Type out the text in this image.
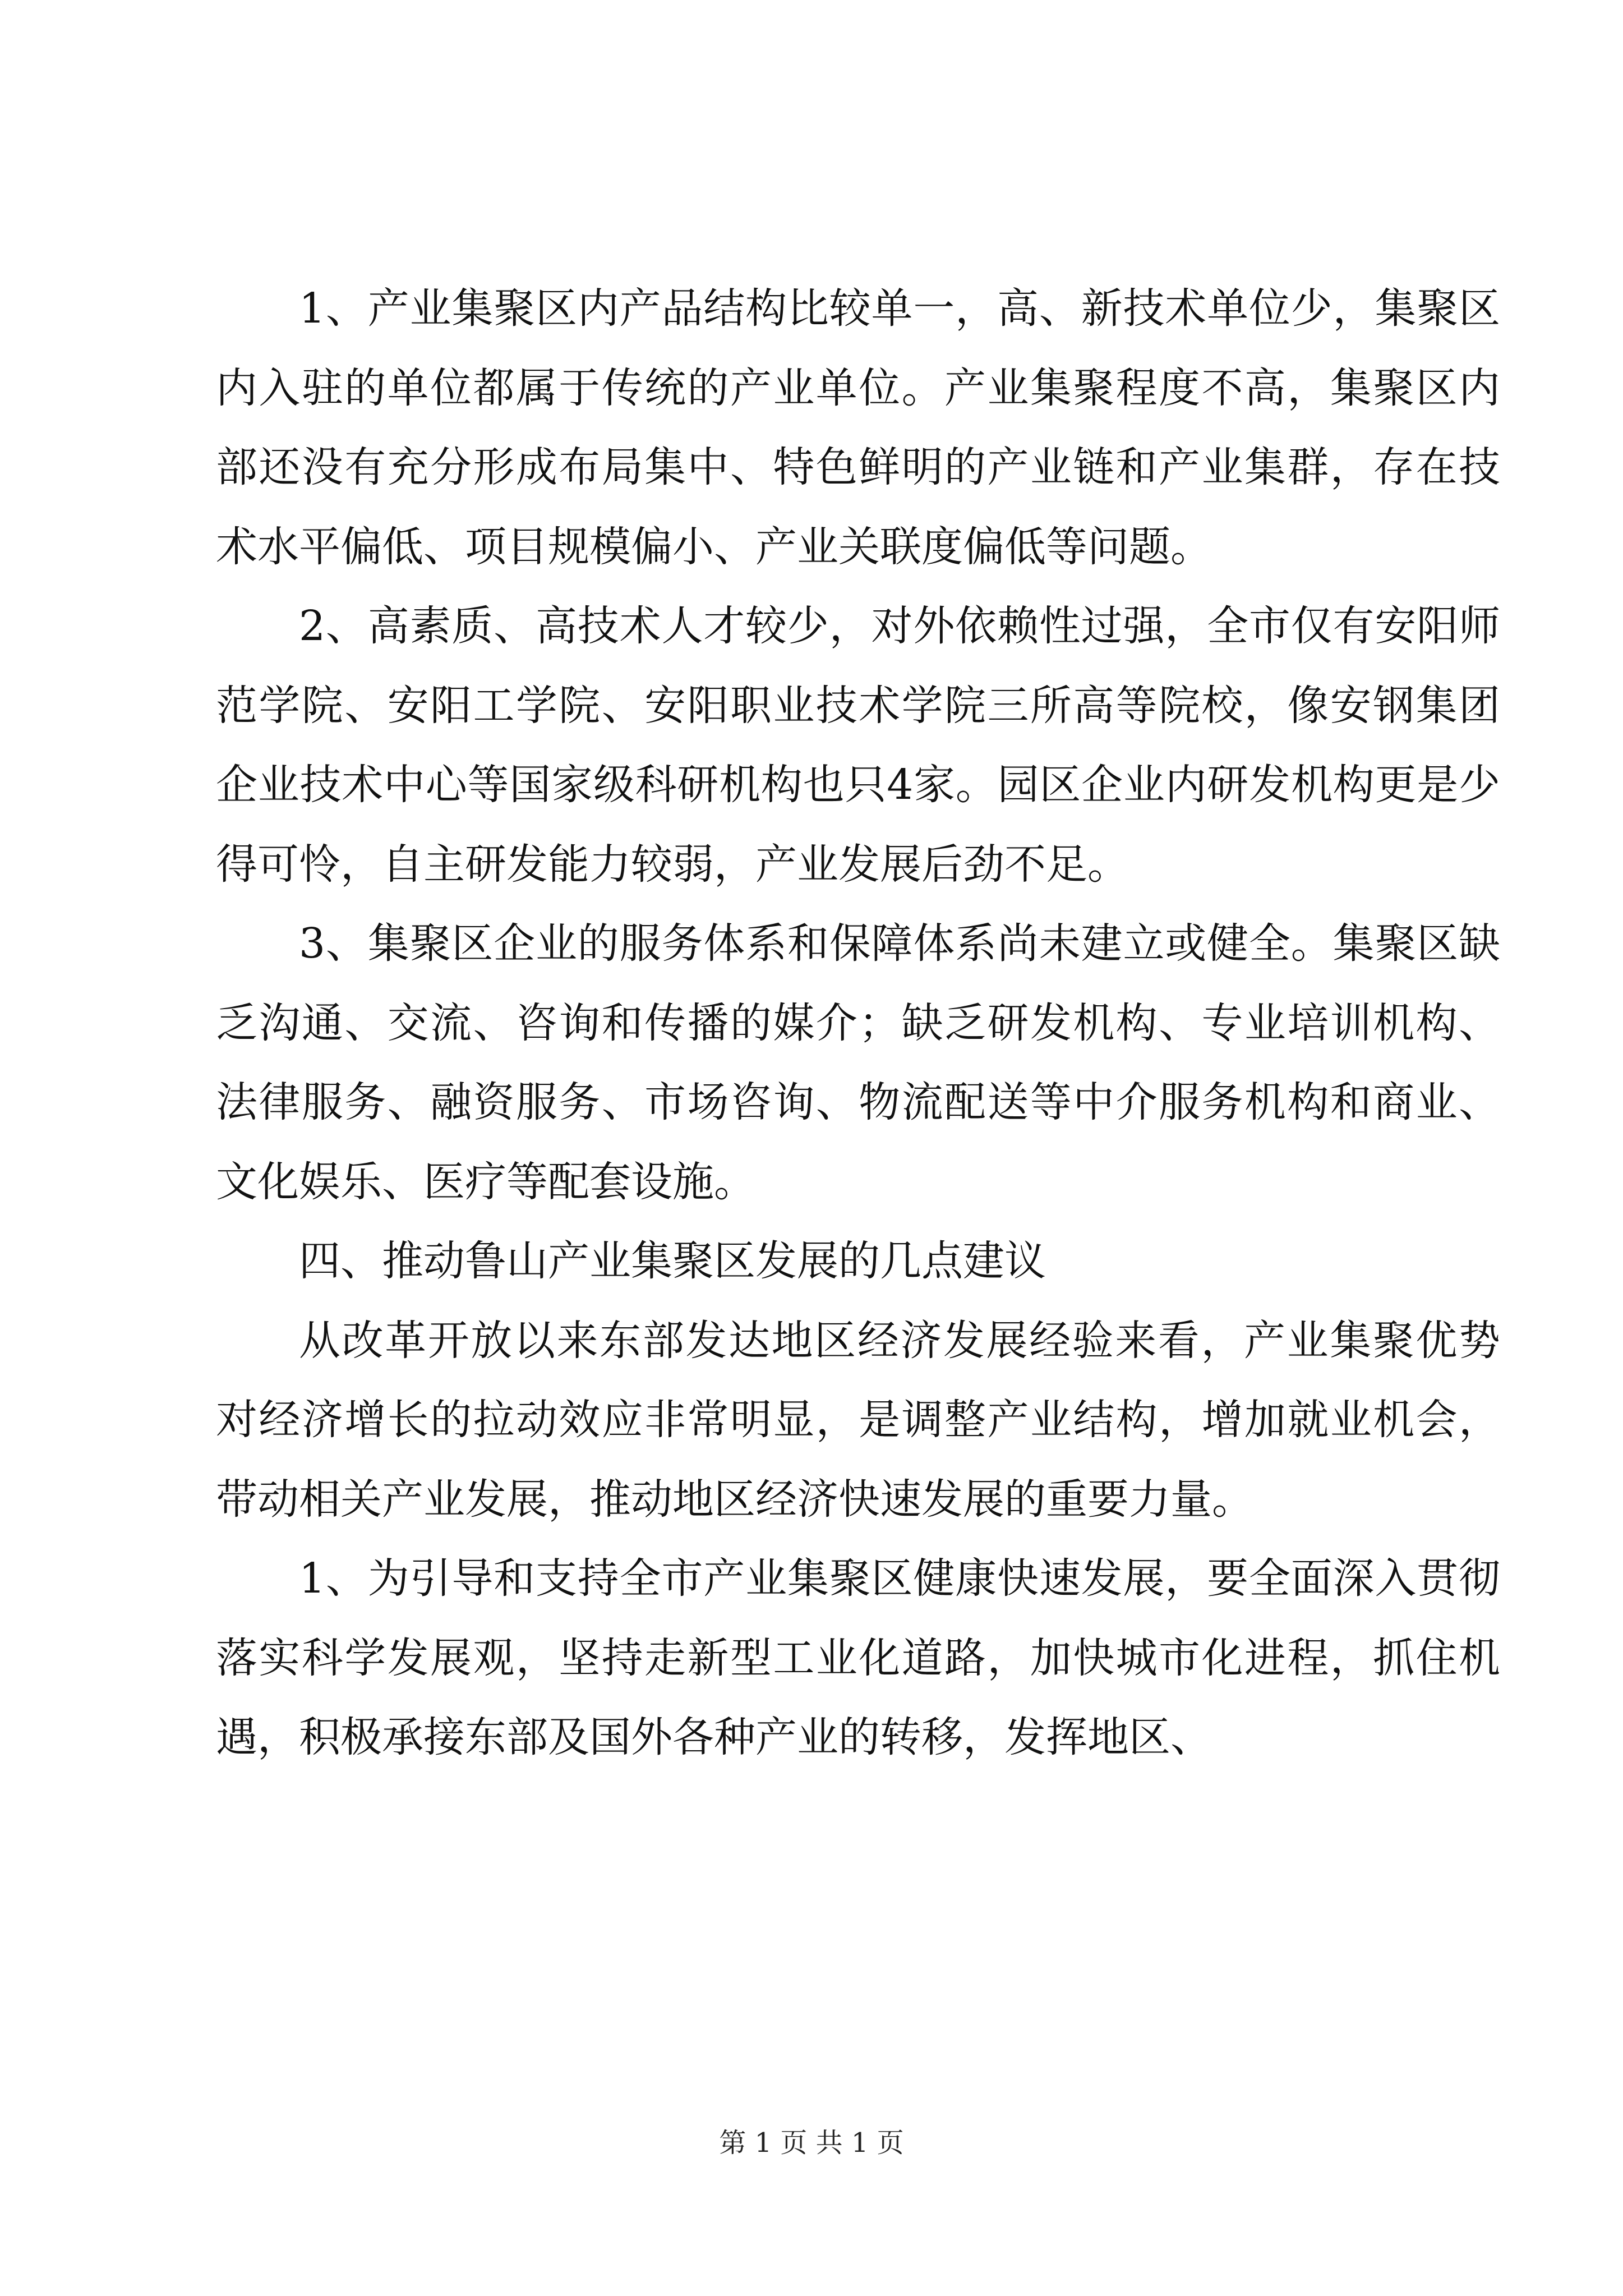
1、产业集聚区内产品结构比较单一，高、新技术单位少，集聚区内入驻的单位都属于传统的产业单位。产业集聚程度不高，集聚区内部还没有充分形成布局集中、特色鲜明的产业链和产业集群，存在技术水平偏低、项目规模偏小、产业关联度偏低等问题。

2、高素质、高技术人才较少，对外依赖性过强，全市仅有安阳师范学院、安阳工学院、安阳职业技术学院三所高等院校，像安钢集团企业技术中心等国家级科研机构也只4家。园区企业内研发机构更是少得可怜，自主研发能力较弱，产业发展后劲不足。

3、集聚区企业的服务体系和保障体系尚未建立或健全。集聚区缺乏沟通、交流、咨询和传播的媒介；缺乏研发机构、专业培训机构、法律服务、融资服务、市场咨询、物流配送等中介服务机构和商业、文化娱乐、医疗等配套设施。

四、推动鲁山产业集聚区发展的几点建议

从改革开放以来东部发达地区经济发展经验来看，产业集聚优势对经济增长的拉动效应非常明显，是调整产业结构，增加就业机会，带动相关产业发展，推动地区经济快速发展的重要力量。

1、为引导和支持全市产业集聚区健康快速发展，要全面深入贯彻落实科学发展观，坚持走新型工业化道路，加快城市化进程，抓住机遇，积极承接东部及国外各种产业的转移，发挥地区、

第 1 页 共 1 页
